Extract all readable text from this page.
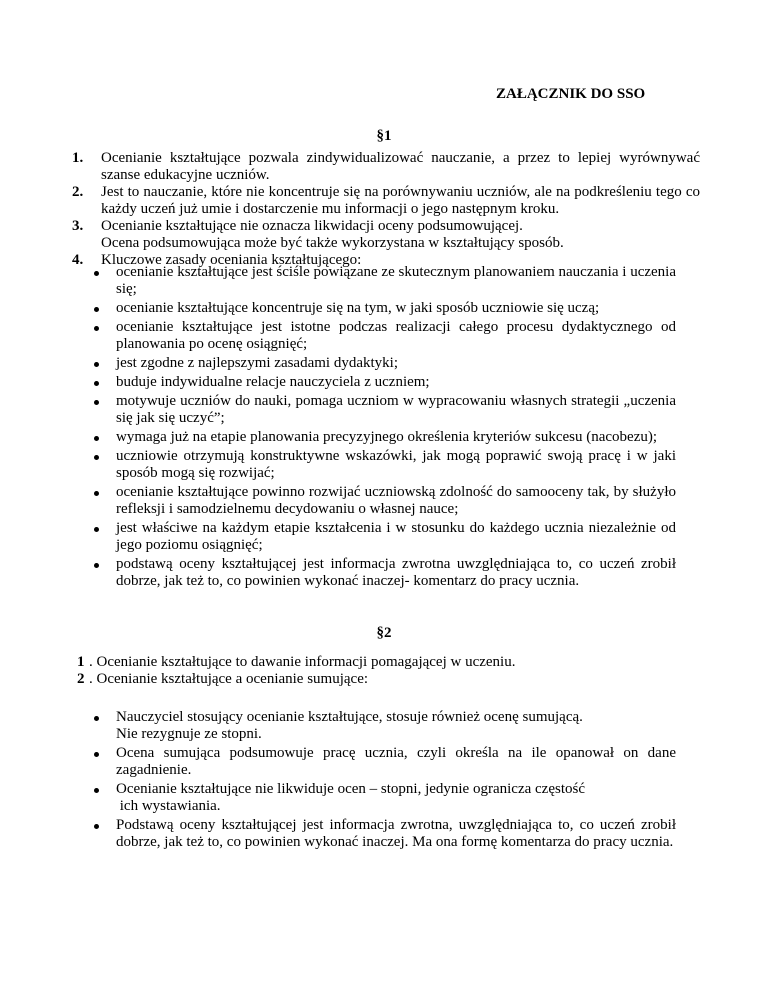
ZAŁĄCZNIK DO SSO
§1
1. Ocenianie kształtujące pozwala zindywidualizować nauczanie, a przez to lepiej wyrównywać szanse edukacyjne uczniów.
2. Jest to nauczanie, które nie koncentruje się na porównywaniu uczniów, ale na podkreśleniu tego co każdy uczeń już umie i dostarczenie mu informacji o jego następnym kroku.
3. Ocenianie kształtujące nie oznacza likwidacji oceny podsumowującej.
Ocena podsumowująca może być także wykorzystana w kształtujący sposób.
4. Kluczowe zasady oceniania kształtującego:
ocenianie kształtujące jest ściśle powiązane ze skutecznym planowaniem nauczania i uczenia się;
ocenianie kształtujące koncentruje się na tym, w jaki sposób uczniowie się uczą;
ocenianie kształtujące jest istotne podczas realizacji całego procesu dydaktycznego od planowania po ocenę osiągnięć;
jest zgodne z najlepszymi zasadami dydaktyki;
buduje indywidualne relacje nauczyciela z uczniem;
motywuje uczniów do nauki, pomaga uczniom w wypracowaniu własnych strategii „uczenia się jak się uczyć”;
wymaga już na etapie planowania precyzyjnego określenia kryteriów sukcesu (nacobezu);
uczniowie otrzymują konstruktywne wskazówki, jak mogą poprawić swoją pracę i w jaki sposób mogą się rozwijać;
ocenianie kształtujące powinno rozwijać uczniowską zdolność do samooceny tak, by służyło refleksji i samodzielnemu decydowaniu o własnej nauce;
jest właściwe na każdym etapie kształcenia i w stosunku do każdego ucznia niezależnie od jego poziomu osiągnięć;
podstawą oceny kształtującej jest informacja zwrotna uwzględniająca to, co uczeń zrobił dobrze, jak też to, co powinien wykonać inaczej- komentarz do pracy ucznia.
§2
1 . Ocenianie kształtujące to dawanie informacji pomagającej w uczeniu.
2 . Ocenianie kształtujące a ocenianie sumujące:
Nauczyciel stosujący ocenianie kształtujące, stosuje również ocenę sumującą.
Nie rezygnuje ze stopni.
Ocena sumująca podsumowuje pracę ucznia, czyli określa na ile opanował on dane zagadnienie.
Ocenianie kształtujące nie likwiduje ocen – stopni, jedynie ogranicza częstość
ich wystawiania.
Podstawą oceny kształtującej jest informacja zwrotna, uwzględniająca to, co uczeń zrobił dobrze, jak też to, co powinien wykonać inaczej. Ma ona formę komentarza do pracy ucznia.
